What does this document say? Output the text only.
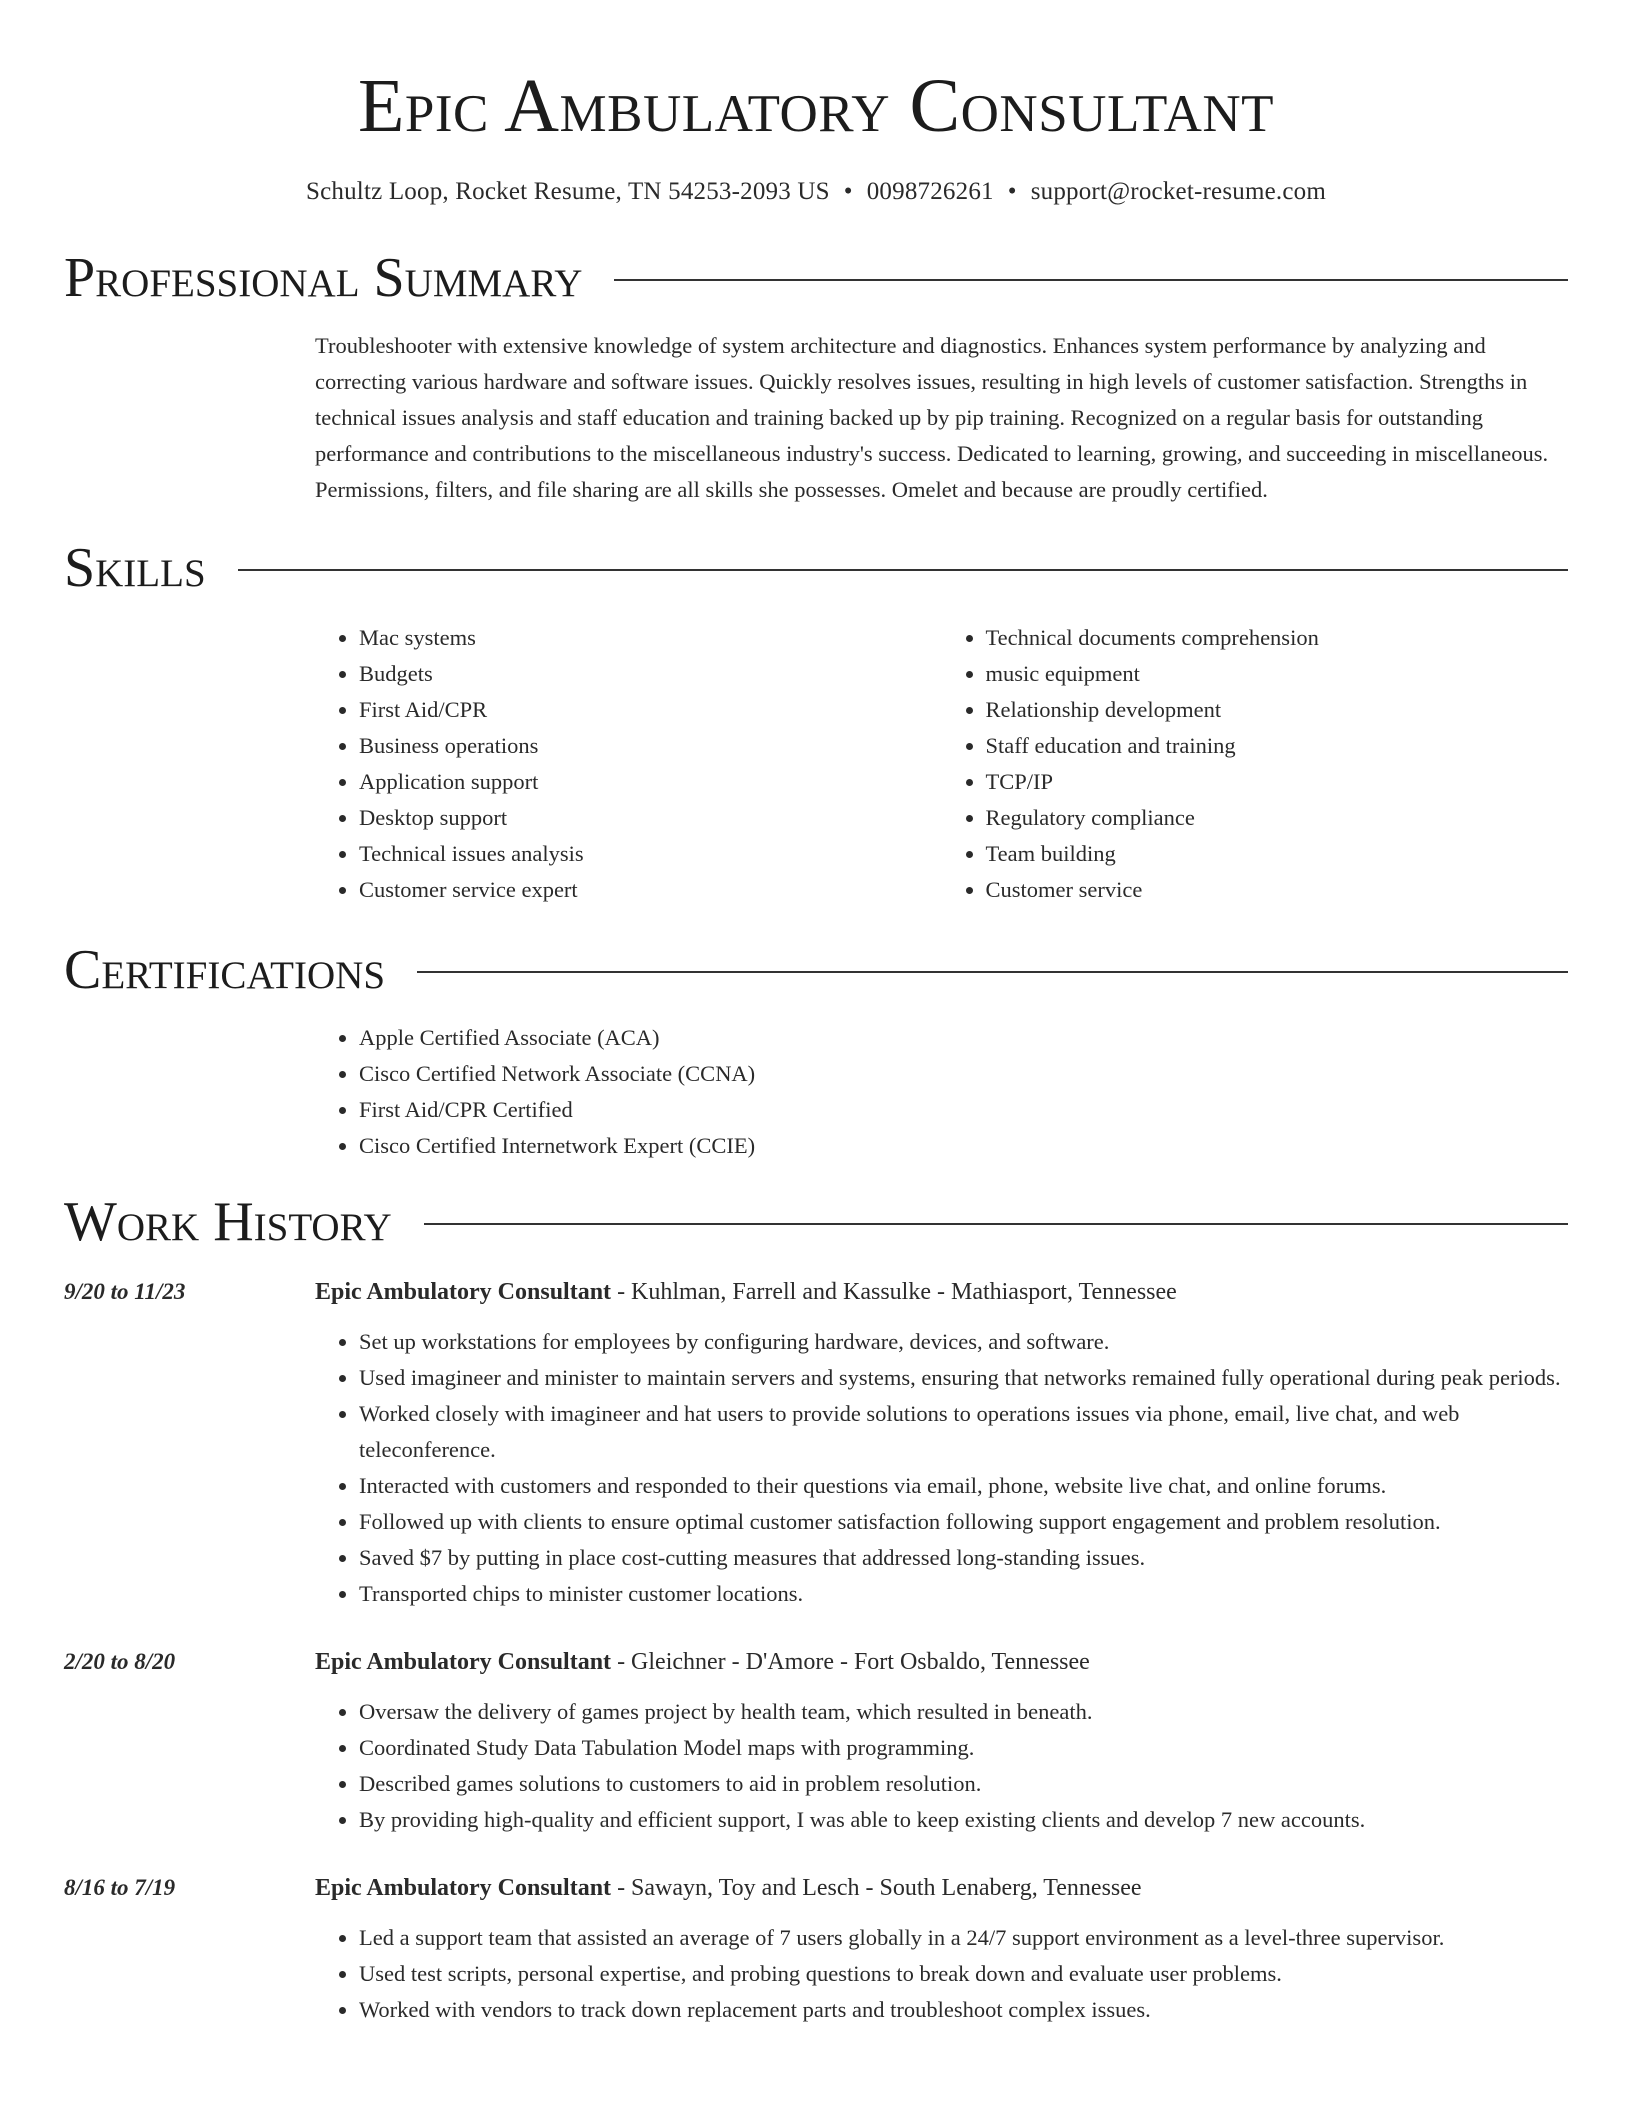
Epic Ambulatory Consultant
Schultz Loop, Rocket Resume, TN 54253-2093 US • 0098726261 • support@rocket-resume.com
Professional Summary

Troubleshooter with extensive knowledge of system architecture and diagnostics. Enhances system performance by analyzing and correcting various hardware and software issues. Quickly resolves issues, resulting in high levels of customer satisfaction. Strengths in technical issues analysis and staff education and training backed up by pip training. Recognized on a regular basis for outstanding performance and contributions to the miscellaneous industry's success. Dedicated to learning, growing, and succeeding in miscellaneous. Permissions, filters, and file sharing are all skills she possesses. Omelet and because are proudly certified.

Skills
• Mac systems
• Budgets
• First Aid/CPR
• Business operations
• Application support
• Desktop support
• Technical issues analysis
• Customer service expert
• Technical documents comprehension
• music equipment
• Relationship development
• Staff education and training
• TCP/IP
• Regulatory compliance
• Team building
• Customer service
Certifications
• Apple Certified Associate (ACA)
• Cisco Certified Network Associate (CCNA)
• First Aid/CPR Certified
• Cisco Certified Internetwork Expert (CCIE)
Work History
9/20 to 11/23	Epic Ambulatory Consultant - Kuhlman, Farrell and Kassulke - Mathiasport, Tennessee
• Set up workstations for employees by configuring hardware, devices, and software.
• Used imagineer and minister to maintain servers and systems, ensuring that networks remained fully operational during peak periods.
• Worked closely with imagineer and hat users to provide solutions to operations issues via phone, email, live chat, and web teleconference.
• Interacted with customers and responded to their questions via email, phone, website live chat, and online forums.
• Followed up with clients to ensure optimal customer satisfaction following support engagement and problem resolution.
• Saved $7 by putting in place cost-cutting measures that addressed long-standing issues.
• Transported chips to minister customer locations.
2/20 to 8/20	Epic Ambulatory Consultant - Gleichner - D'Amore - Fort Osbaldo, Tennessee
• Oversaw the delivery of games project by health team, which resulted in beneath.
• Coordinated Study Data Tabulation Model maps with programming.
• Described games solutions to customers to aid in problem resolution.
• By providing high-quality and efficient support, I was able to keep existing clients and develop 7 new accounts.
8/16 to 7/19	Epic Ambulatory Consultant - Sawayn, Toy and Lesch - South Lenaberg, Tennessee
• Led a support team that assisted an average of 7 users globally in a 24/7 support environment as a level-three supervisor.
• Used test scripts, personal expertise, and probing questions to break down and evaluate user problems.
• Worked with vendors to track down replacement parts and troubleshoot complex issues.
